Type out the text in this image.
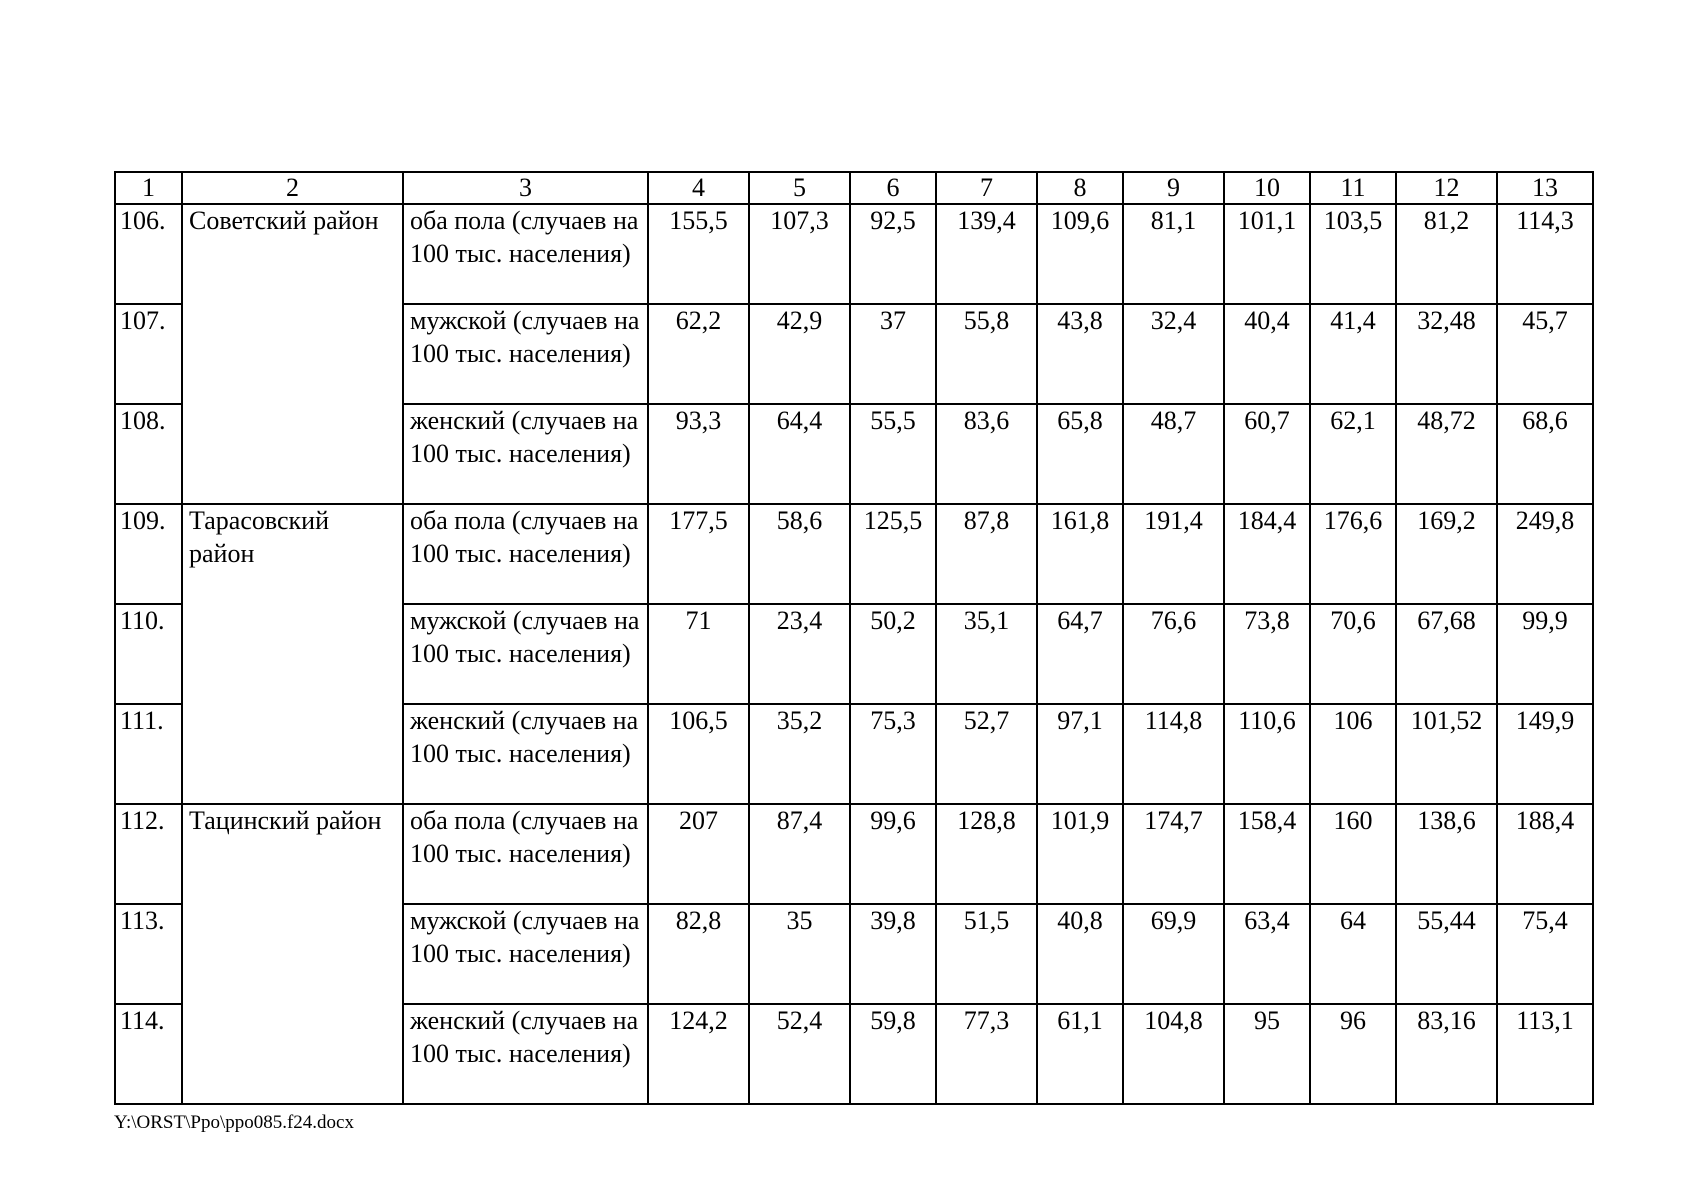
1	2	3	4	5	6	7	8	9	10	11	12	13
106.	Советский район	оба пола (случаев на 100 тыс. населения)	155,5	107,3	92,5	139,4	109,6	81,1	101,1	103,5	81,2	114,3
107.		мужской (случаев на 100 тыс. населения)	62,2	42,9	37	55,8	43,8	32,4	40,4	41,4	32,48	45,7
108.		женский (случаев на 100 тыс. населения)	93,3	64,4	55,5	83,6	65,8	48,7	60,7	62,1	48,72	68,6
109.	Тарасовский район	оба пола (случаев на 100 тыс. населения)	177,5	58,6	125,5	87,8	161,8	191,4	184,4	176,6	169,2	249,8
110.		мужской (случаев на 100 тыс. населения)	71	23,4	50,2	35,1	64,7	76,6	73,8	70,6	67,68	99,9
111.		женский (случаев на 100 тыс. населения)	106,5	35,2	75,3	52,7	97,1	114,8	110,6	106	101,52	149,9
112.	Тацинский район	оба пола (случаев на 100 тыс. населения)	207	87,4	99,6	128,8	101,9	174,7	158,4	160	138,6	188,4
113.		мужской (случаев на 100 тыс. населения)	82,8	35	39,8	51,5	40,8	69,9	63,4	64	55,44	75,4
114.		женский (случаев на 100 тыс. населения)	124,2	52,4	59,8	77,3	61,1	104,8	95	96	83,16	113,1
Y:\ORST\Ppo\ppo085.f24.docx
